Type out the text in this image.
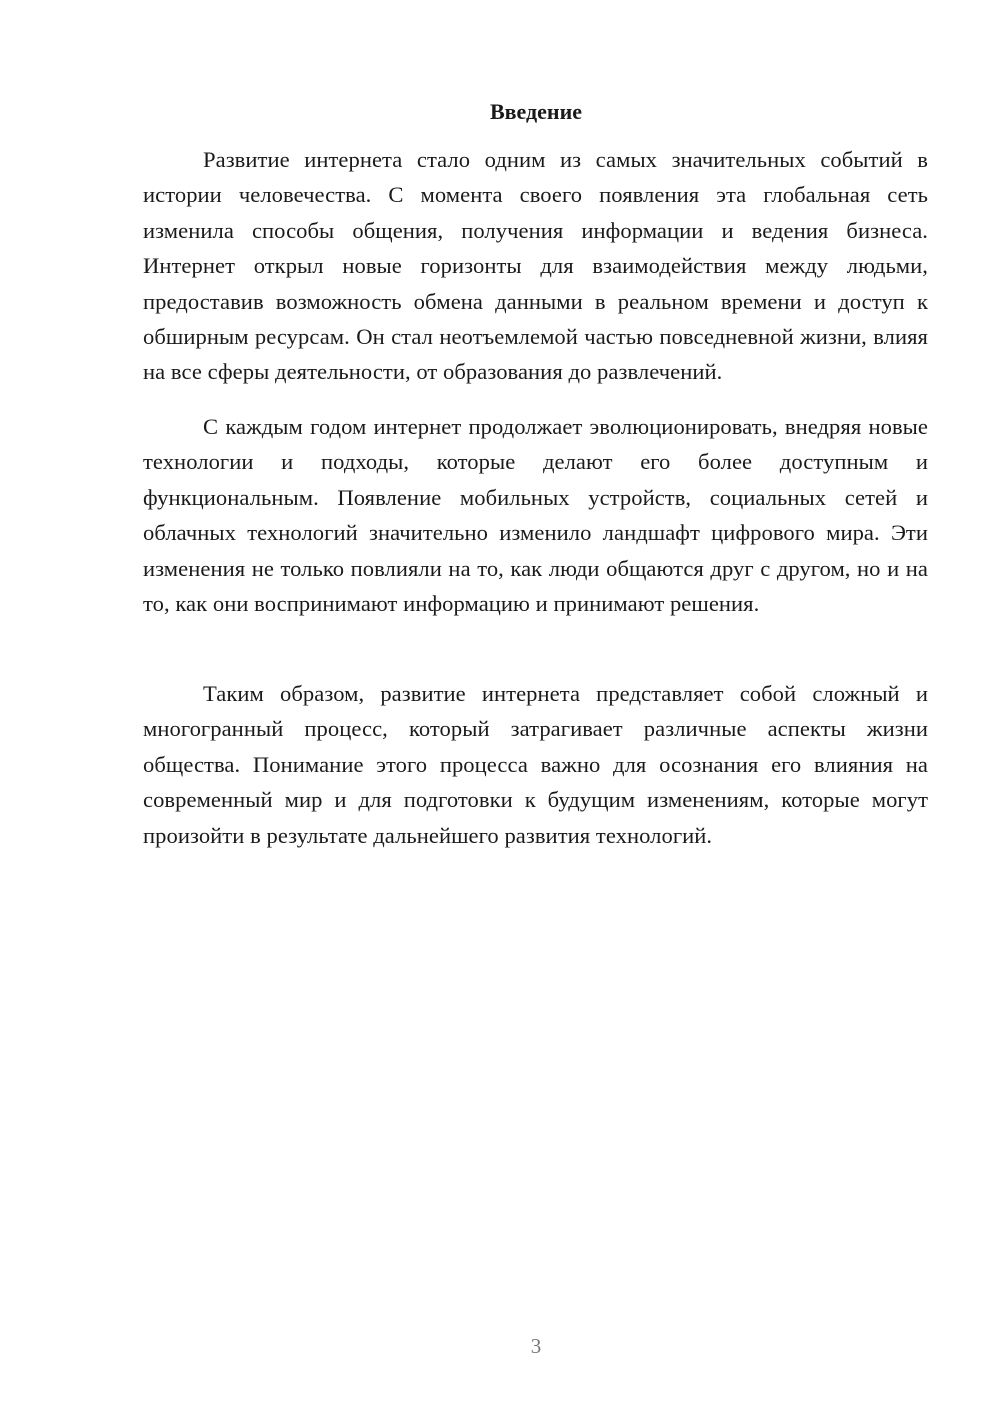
Введение

Развитие интернета стало одним из самых значительных событий в истории человечества. С момента своего появления эта глобальная сеть изменила способы общения, получения информации и ведения бизнеса. Интернет открыл новые горизонты для взаимодействия между людьми, предоставив возможность обмена данными в реальном времени и доступ к обширным ресурсам. Он стал неотъемлемой частью повседневной жизни, влияя на все сферы деятельности, от образования до развлечений.

С каждым годом интернет продолжает эволюционировать, внедряя новые технологии и подходы, которые делают его более доступным и функциональным. Появление мобильных устройств, социальных сетей и облачных технологий значительно изменило ландшафт цифрового мира. Эти изменения не только повлияли на то, как люди общаются друг с другом, но и на то, как они воспринимают информацию и принимают решения.

Таким образом, развитие интернета представляет собой сложный и многогранный процесс, который затрагивает различные аспекты жизни общества. Понимание этого процесса важно для осознания его влияния на современный мир и для подготовки к будущим изменениям, которые могут произойти в результате дальнейшего развития технологий.

3
